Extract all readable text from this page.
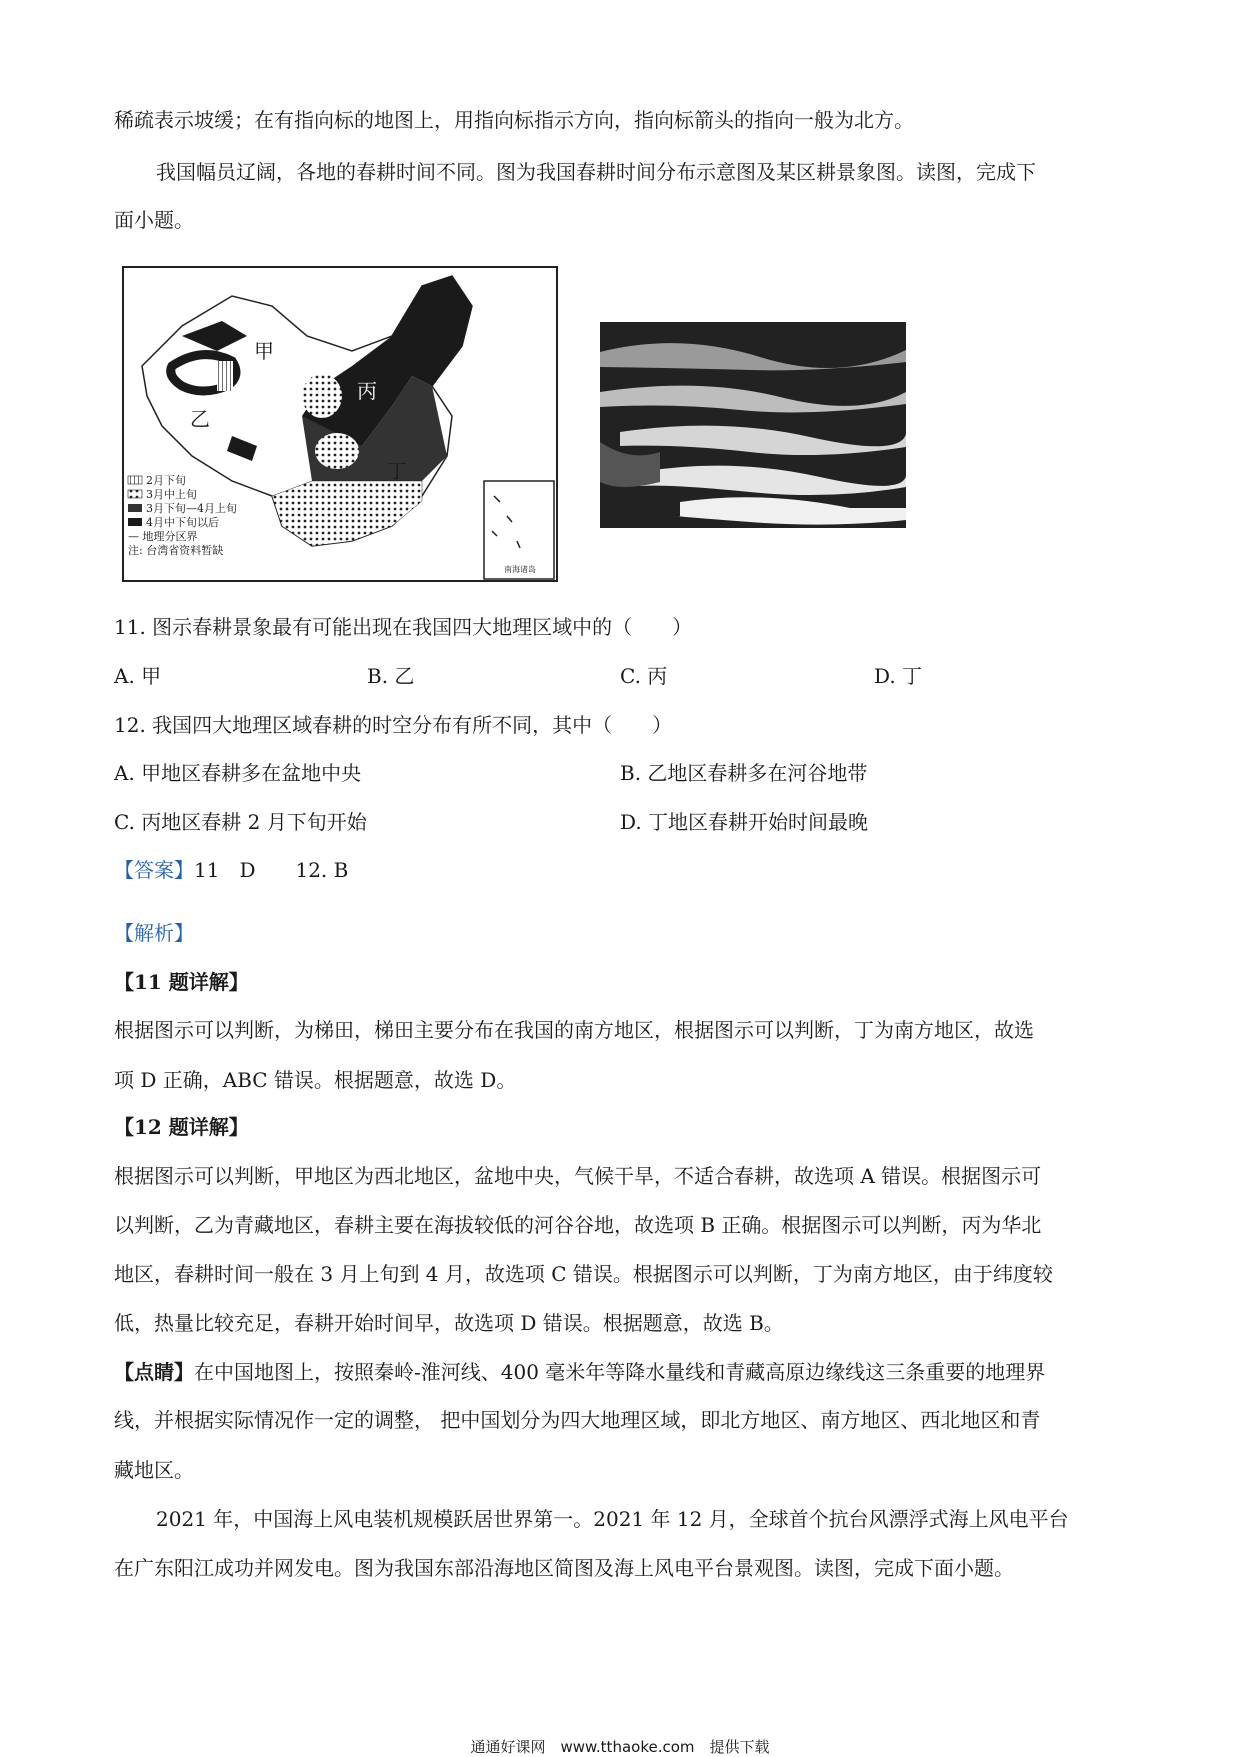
稀疏表示坡缓；在有指向标的地图上，用指向标指示方向，指向标箭头的指向一般为北方。
我国幅员辽阔，各地的春耕时间不同。图为我国春耕时间分布示意图及某区耕景象图。读图，完成下
面小题。
甲
乙
丙
丁
南海诸岛
2月下旬
3月中上旬
3月下旬—4月上旬
4月中下旬以后
— 地理分区界
注: 台湾省资料暂缺
11. 图示春耕景象最有可能出现在我国四大地理区域中的（　　）
A. 甲	B. 乙	C. 丙	D. 丁
12. 我国四大地理区域春耕的时空分布有所不同，其中（　　）
A. 甲地区春耕多在盆地中央	B. 乙地区春耕多在河谷地带
C. 丙地区春耕 2 月下旬开始	D. 丁地区春耕开始时间最晚
【答案】11　D　　12. B
【解析】
【11 题详解】
根据图示可以判断，为梯田，梯田主要分布在我国的南方地区，根据图示可以判断，丁为南方地区，故选
项 D 正确，ABC 错误。根据题意，故选 D。
【12 题详解】
根据图示可以判断，甲地区为西北地区，盆地中央，气候干旱，不适合春耕，故选项 A 错误。根据图示可
以判断，乙为青藏地区，春耕主要在海拔较低的河谷谷地，故选项 B 正确。根据图示可以判断，丙为华北
地区，春耕时间一般在 3 月上旬到 4 月，故选项 C 错误。根据图示可以判断，丁为南方地区，由于纬度较
低，热量比较充足，春耕开始时间早，故选项 D 错误。根据题意，故选 B。
【点睛】在中国地图上，按照秦岭-淮河线、400 毫米年等降水量线和青藏高原边缘线这三条重要的地理界
线，并根据实际情况作一定的调整， 把中国划分为四大地理区域，即北方地区、南方地区、西北地区和青
藏地区。
2021 年，中国海上风电装机规模跃居世界第一。2021 年 12 月，全球首个抗台风漂浮式海上风电平台
在广东阳江成功并网发电。图为我国东部沿海地区简图及海上风电平台景观图。读图，完成下面小题。
通通好课网　www.tthaoke.com　提供下载
